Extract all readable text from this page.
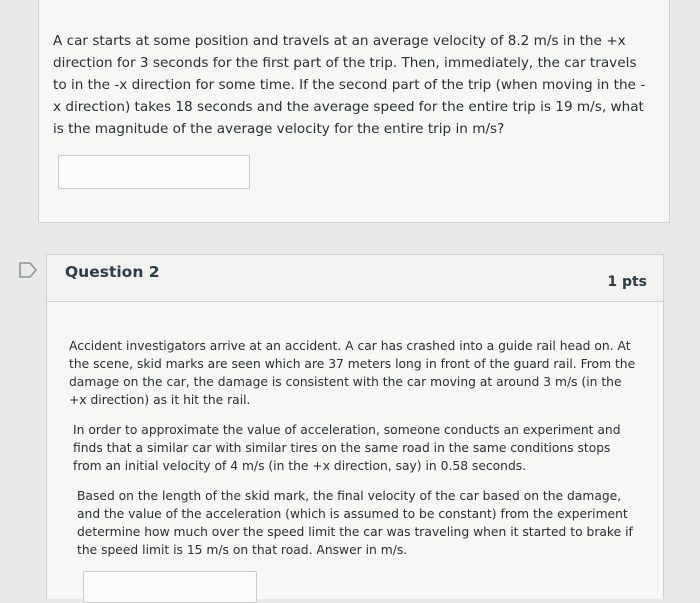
A car starts at some position and travels at an average velocity of 8.2 m/s in the +x direction for 3 seconds for the first part of the trip. Then, immediately, the car travels to in the -x direction for some time. If the second part of the trip (when moving in the -x direction) takes 18 seconds and the average speed for the entire trip is 19 m/s, what is the magnitude of the average velocity for the entire trip in m/s?
Question 2
1 pts

Accident investigators arrive at an accident. A car has crashed into a guide rail head on. At the scene, skid marks are seen which are 37 meters long in front of the guard rail. From the damage on the car, the damage is consistent with the car moving at around 3 m/s (in the +x direction) as it hit the rail.

In order to approximate the value of acceleration, someone conducts an experiment and finds that a similar car with similar tires on the same road in the same conditions stops from an initial velocity of 4 m/s (in the +x direction, say) in 0.58 seconds.

Based on the length of the skid mark, the final velocity of the car based on the damage, and the value of the acceleration (which is assumed to be constant) from the experiment determine how much over the speed limit the car was traveling when it started to brake if the speed limit is 15 m/s on that road. Answer in m/s.
